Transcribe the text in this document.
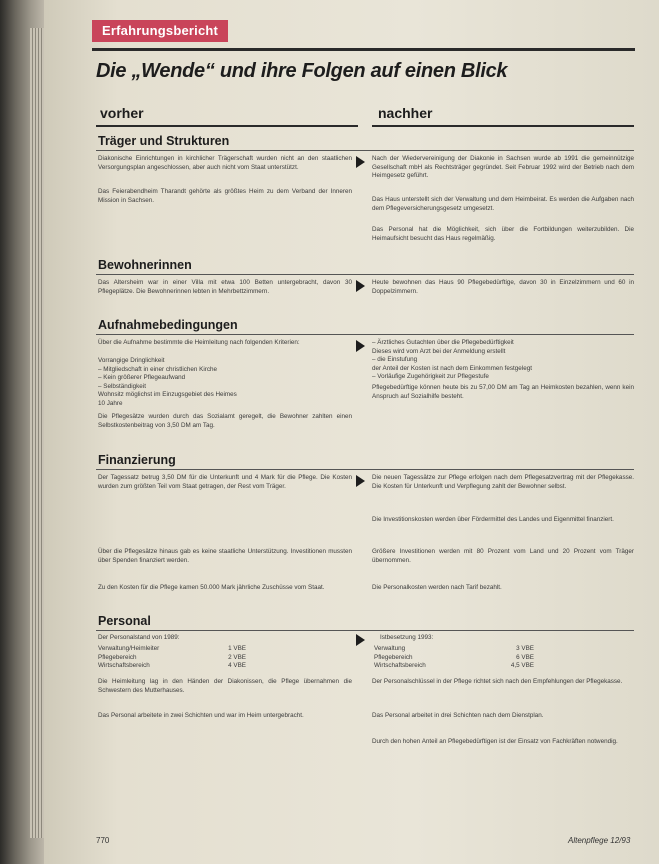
Erfahrungsbericht
Die „Wende“ und ihre Folgen auf einen Blick
vorher	nachher
Träger und Strukturen
Diakonische Einrichtungen in kirchlicher Trägerschaft wurden nicht an den staatlichen Versorgungsplan angeschlossen, aber auch nicht vom Staat unterstützt.
Das Feierabendheim Tharandt gehörte als größtes Heim zu dem Verband der Inneren Mission in Sachsen.
Nach der Wiedervereinigung der Diakonie in Sachsen wurde ab 1991 die gemeinnützige Gesellschaft mbH als Rechtsträger gegründet. Seit Februar 1992 wird der Betrieb nach dem Heimgesetz geführt.
Das Haus unterstellt sich der Verwaltung und dem Heimbeirat. Es werden die Aufgaben nach dem Pflegeversicherungsgesetz umgesetzt.
Das Personal hat die Möglichkeit, sich über die Fortbildungen weiterzubilden. Die Heimaufsicht besucht das Haus regelmäßig.
Bewohnerinnen
Das Altersheim war in einer Villa mit etwa 100 Betten untergebracht, davon 30 Pflegeplätze. Die Bewohnerinnen lebten in Mehrbettzimmern.
Heute bewohnen das Haus 90 Pflegebedürftige, davon 30 in Einzelzimmern und 60 in Doppelzimmern.
Aufnahmebedingungen
Über die Aufnahme bestimmte die Heimleitung nach folgenden Kriterien:
Vorrangige Dringlichkeit
– Mitgliedschaft in einer christlichen Kirche
– Kein größerer Pflegeaufwand
– Selbständigkeit
Wohnsitz möglichst im Einzugsgebiet des Heimes
10 Jahre
Die Pflegesätze wurden durch das Sozialamt geregelt, die Bewohner zahlten einen Selbstkostenbeitrag von 3,50 DM am Tag.
– Ärztliches Gutachten über die Pflegebedürftigkeit
Dieses wird vom Arzt bei der Anmeldung erstellt
– die Einstufung
der Anteil der Kosten ist nach dem Einkommen festgelegt
– Vorläufige Zugehörigkeit zur Pflegestufe
Pflegebedürftige können heute bis zu 57,00 DM am Tag an Heimkosten bezahlen, wenn kein Anspruch auf Sozialhilfe besteht.
Finanzierung
Der Tagessatz betrug 3,50 DM für die Unterkunft und 4 Mark für die Pflege. Die Kosten wurden zum größten Teil vom Staat getragen, der Rest vom Träger.
Über die Pflegesätze hinaus gab es keine staatliche Unterstützung. Investitionen mussten über Spenden finanziert werden.
Zu den Kosten für die Pflege kamen 50.000 Mark jährliche Zuschüsse vom Staat.
Die neuen Tagessätze zur Pflege erfolgen nach dem Pflegesatzvertrag mit der Pflegekasse. Die Kosten für Unterkunft und Verpflegung zahlt der Bewohner selbst.
Die Investitionskosten werden über Fördermittel des Landes und Eigenmittel finanziert.
Größere Investitionen werden mit 80 Prozent vom Land und 20 Prozent vom Träger übernommen.
Die Personalkosten werden nach Tarif bezahlt.
Personal
Der Personalstand von 1989:
Verwaltung/Heimleiter	1 VBE
Pflegebereich	2 VBE
Wirtschaftsbereich	4 VBE
Die Heimleitung lag in den Händen der Diakonissen, die Pflege übernahmen die Schwestern des Mutterhauses.
Das Personal arbeitete in zwei Schichten und war im Heim untergebracht.
Istbesetzung 1993:
Verwaltung	3 VBE
Pflegebereich	6 VBE
Wirtschaftsbereich	4,5 VBE
Der Personalschlüssel in der Pflege richtet sich nach den Empfehlungen der Pflegekasse.
Das Personal arbeitet in drei Schichten nach dem Dienstplan.
Durch den hohen Anteil an Pflegebedürftigen ist der Einsatz von Fachkräften notwendig.
770	Altenpflege 12/93
